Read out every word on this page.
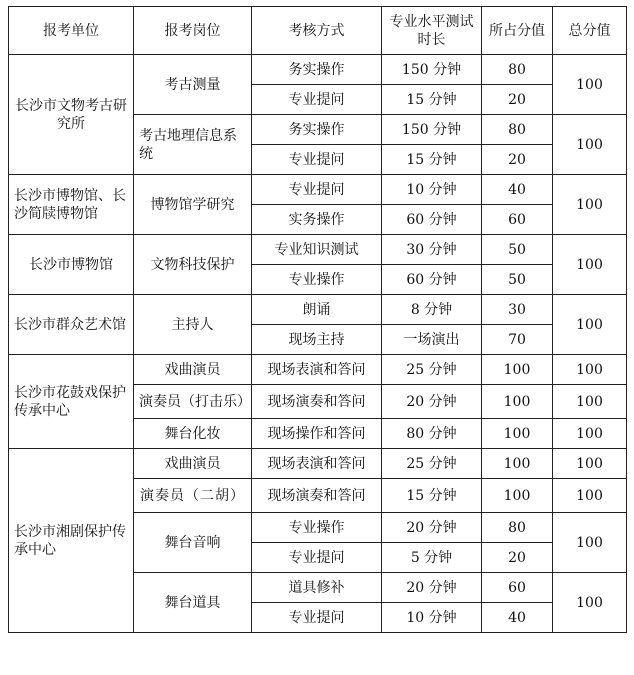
报考单位	报考岗位	考核方式	专业水平测试时长	所占分值	总分值
长沙市文物考古研究所	考古测量	务实操作	150 分钟	80	100
		专业提问	15 分钟	20	
	考古地理信息系统	务实操作	150 分钟	80	100
		专业提问	15 分钟	20	
长沙市博物馆、长沙简牍博物馆	博物馆学研究	专业提问	10 分钟	40	100
		实务操作	60 分钟	60	
长沙市博物馆	文物科技保护	专业知识测试	30 分钟	50	100
		专业操作	60 分钟	50	
长沙市群众艺术馆	主持人	朗诵	8 分钟	30	100
		现场主持	一场演出	70	
长沙市花鼓戏保护传承中心	戏曲演员	现场表演和答问	25 分钟	100	100
	演奏员（打击乐）	现场演奏和答问	20 分钟	100	100
	舞台化妆	现场操作和答问	80 分钟	100	100
长沙市湘剧保护传承中心	戏曲演员	现场表演和答问	25 分钟	100	100
	演奏员（二胡）	现场演奏和答问	15 分钟	100	100
	舞台音响	专业操作	20 分钟	80	100
		专业提问	5 分钟	20	
	舞台道具	道具修补	20 分钟	60	100
		专业提问	10 分钟	40	
